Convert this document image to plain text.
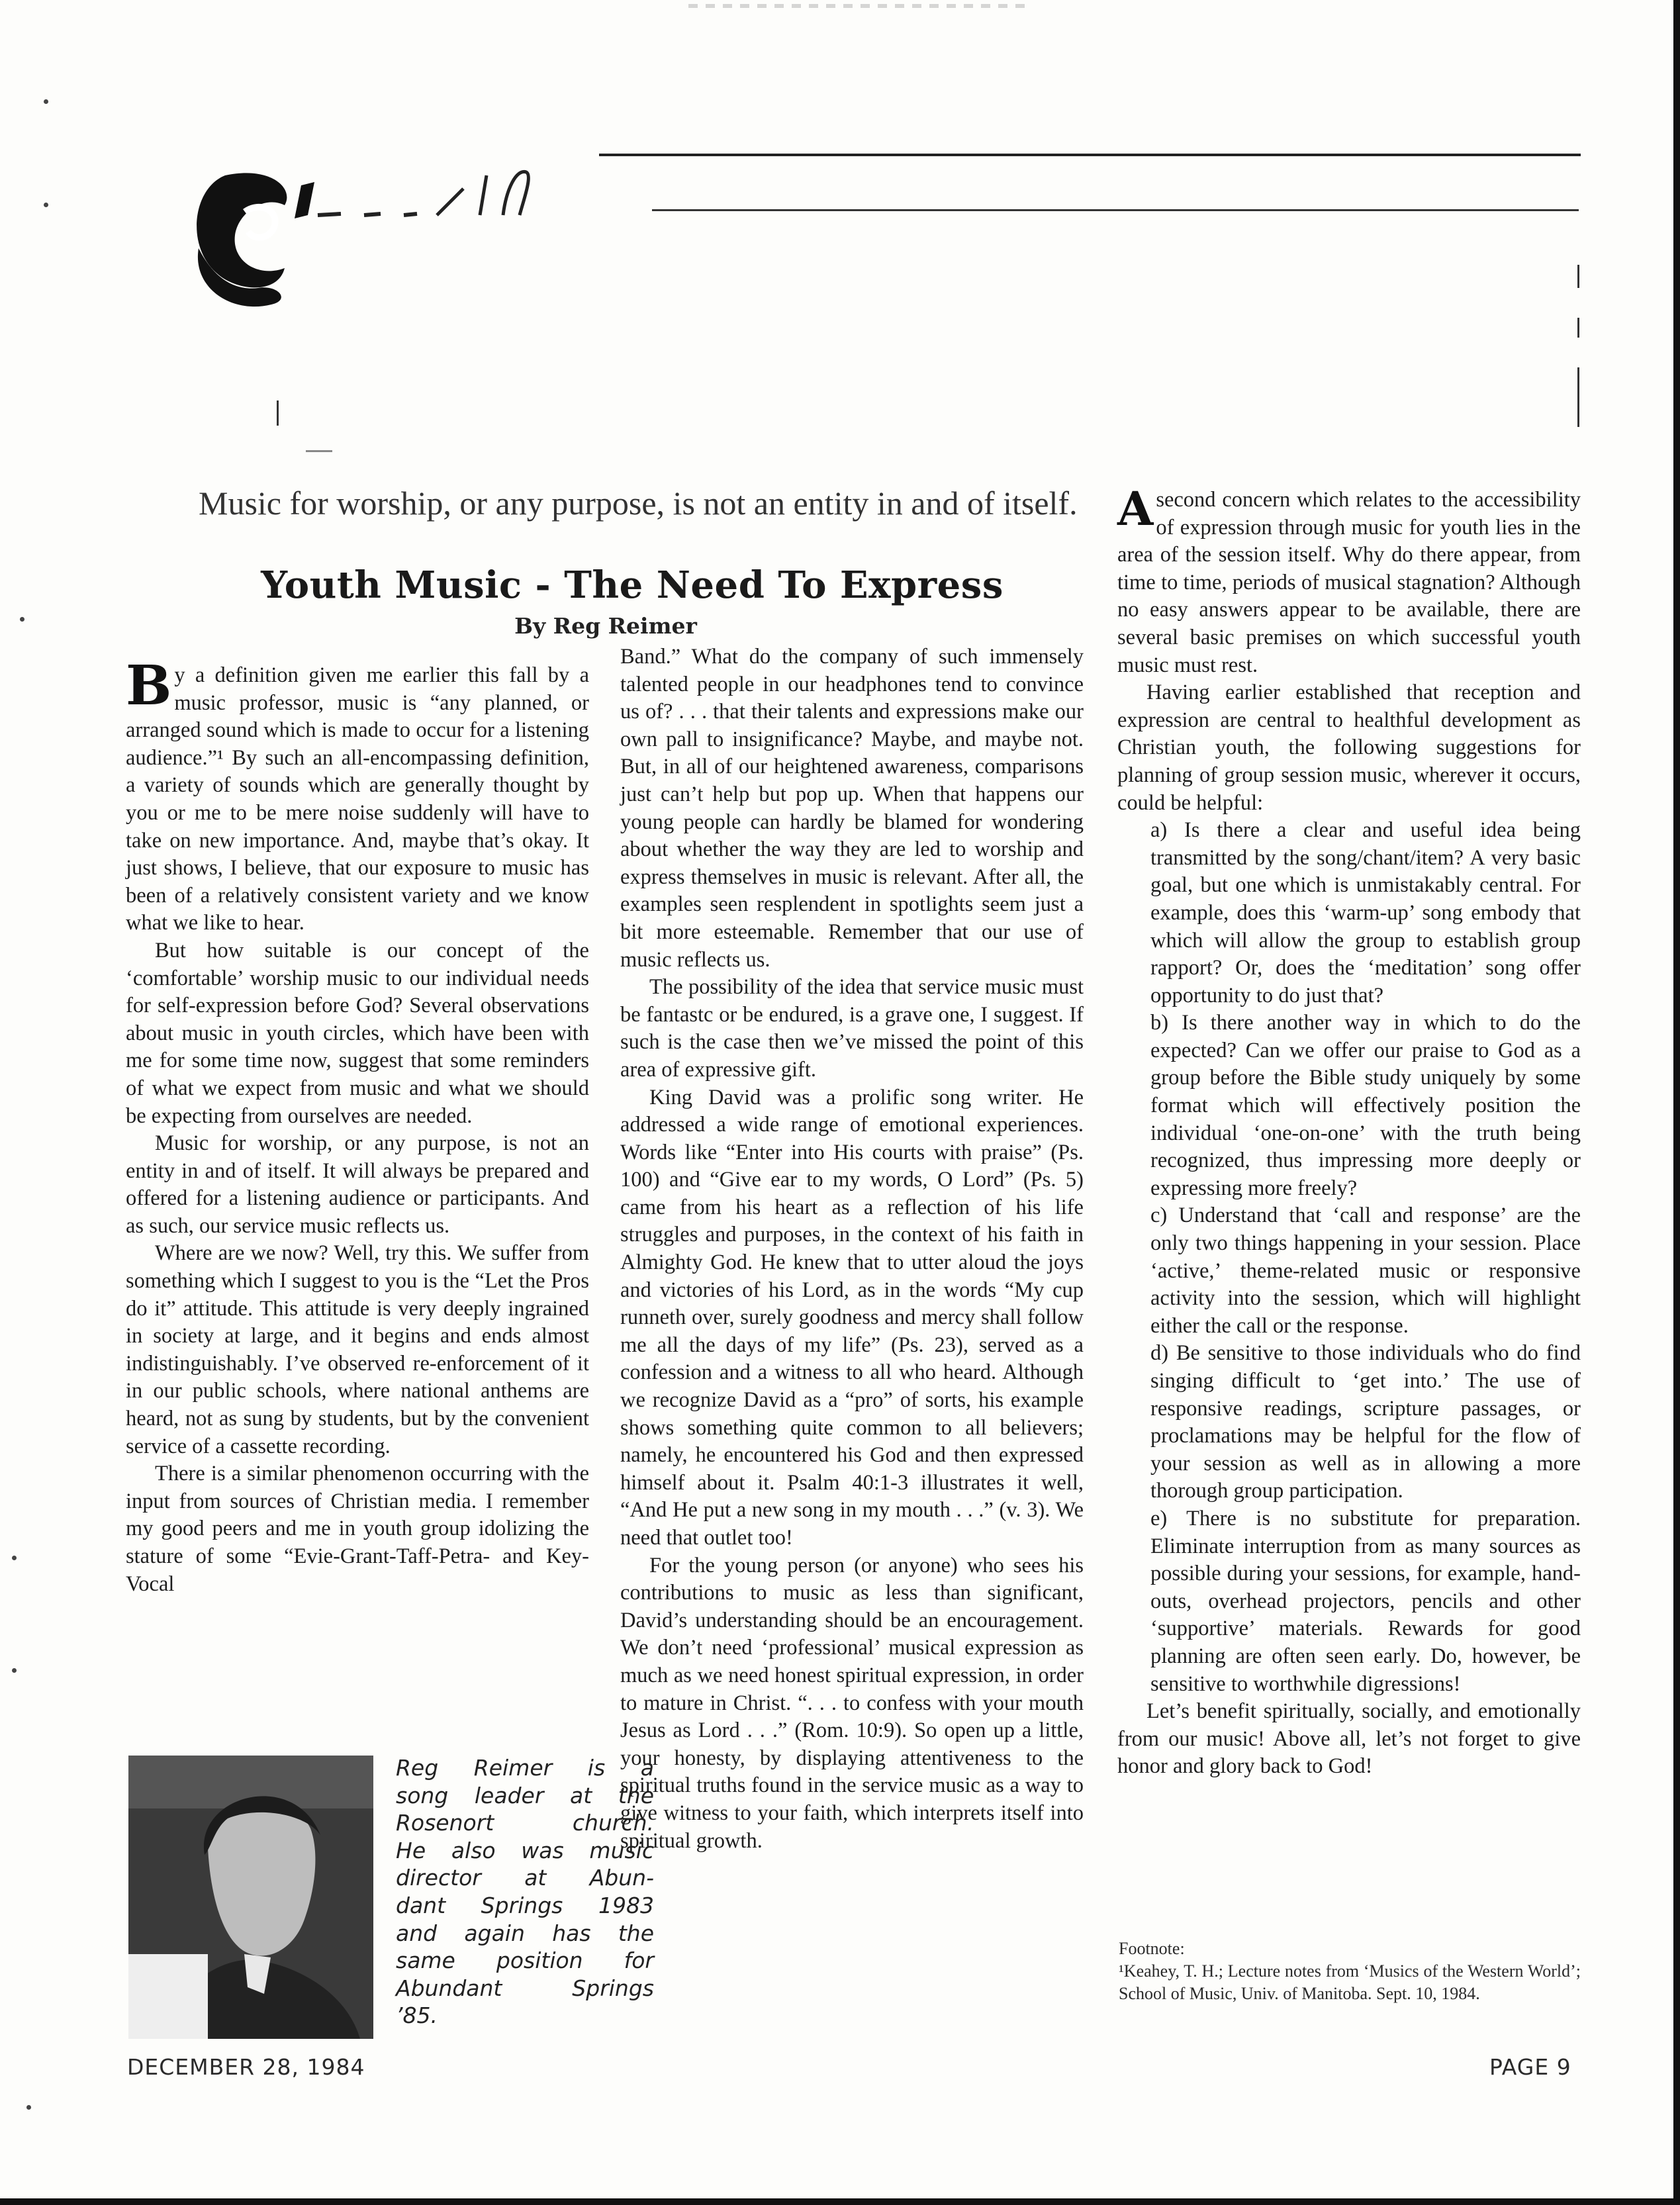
Music for worship, or any purpose, is not an entity in and of itself.
Youth Music - The Need To Express
By Reg Reimer

By a definition given me earlier this fall by a music professor, music is “any planned, or arranged sound which is made to occur for a listening audience.”¹ By such an all-encompassing definition, a variety of sounds which are generally thought by you or me to be mere noise suddenly will have to take on new importance. And, maybe that’s okay. It just shows, I believe, that our exposure to music has been of a relatively consistent variety and we know what we like to hear.

But how suitable is our concept of the ‘comfortable’ worship music to our individual needs for self-expression before God? Several observations about music in youth circles, which have been with me for some time now, suggest that some reminders of what we expect from music and what we should be expecting from ourselves are needed.

Music for worship, or any purpose, is not an entity in and of itself. It will always be prepared and offered for a listening audience or participants. And as such, our service music reflects us.

Where are we now? Well, try this. We suffer from something which I suggest to you is the “Let the Pros do it” attitude. This attitude is very deeply ingrained in society at large, and it begins and ends almost indistinguishably. I’ve observed re-enforcement of it in our public schools, where national anthems are heard, not as sung by students, but by the convenient service of a cassette recording.

There is a similar phenomenon occurring with the input from sources of Christian media. I remember my good peers and me in youth group idolizing the stature of some “Evie-Grant-Taff-Petra- and Key-Vocal

Reg Reimer is a
song leader at the
Rosenort church.
He also was music
director at Abun-
dant Springs 1983
and again has the
same position for
Abundant Springs
’85.

Band.” What do the company of such immensely talented people in our headphones tend to convince us of? . . . that their talents and expressions make our own pall to insignificance? Maybe, and maybe not. But, in all of our heightened awareness, comparisons just can’t help but pop up. When that happens our young people can hardly be blamed for wondering about whether the way they are led to worship and express themselves in music is relevant. After all, the examples seen resplendent in spotlights seem just a bit more esteemable. Remember that our use of music reflects us.

The possibility of the idea that service music must be fantastc or be endured, is a grave one, I suggest. If such is the case then we’ve missed the point of this area of expressive gift.

King David was a prolific song writer. He addressed a wide range of emotional experiences. Words like “Enter into His courts with praise” (Ps. 100) and “Give ear to my words, O Lord” (Ps. 5) came from his heart as a reflection of his life struggles and purposes, in the context of his faith in Almighty God. He knew that to utter aloud the joys and victories of his Lord, as in the words “My cup runneth over, surely goodness and mercy shall follow me all the days of my life” (Ps. 23), served as a confession and a witness to all who heard. Although we recognize David as a “pro” of sorts, his example shows something quite common to all believers; namely, he encountered his God and then expressed himself about it. Psalm 40:1-3 illustrates it well, “And He put a new song in my mouth . . .” (v. 3). We need that outlet too!

For the young person (or anyone) who sees his contributions to music as less than significant, David’s understanding should be an encouragement. We don’t need ‘professional’ musical expression as much as we need honest spiritual expression, in order to mature in Christ. “. . . to confess with your mouth Jesus as Lord . . .” (Rom. 10:9). So open up a little, your honesty, by displaying attentiveness to the spiritual truths found in the service music as a way to give witness to your faith, which interprets itself into spiritual growth.

A second concern which relates to the accessibility of expression through music for youth lies in the area of the session itself. Why do there appear, from time to time, periods of musical stagnation? Although no easy answers appear to be available, there are several basic premises on which successful youth music must rest.

Having earlier established that reception and expression are central to healthful development as Christian youth, the following suggestions for planning of group session music, wherever it occurs, could be helpful:

a) Is there a clear and useful idea being transmitted by the song/chant/item? A very basic goal, but one which is unmistakably central. For example, does this ‘warm-up’ song embody that which will allow the group to establish group rapport? Or, does the ‘meditation’ song offer opportunity to do just that?

b) Is there another way in which to do the expected? Can we offer our praise to God as a group before the Bible study uniquely by some format which will effectively position the individual ‘one-on-one’ with the truth being recognized, thus impressing more deeply or expressing more freely?

c) Understand that ‘call and response’ are the only two things happening in your session. Place ‘active,’ theme-related music or responsive activity into the session, which will highlight either the call or the response.

d) Be sensitive to those individuals who do find singing difficult to ‘get into.’ The use of responsive readings, scripture passages, or proclamations may be helpful for the flow of your session as well as in allowing a more thorough group participation.

e) There is no substitute for preparation. Eliminate interruption from as many sources as possible during your sessions, for example, hand-outs, overhead projectors, pencils and other ‘supportive’ materials. Rewards for good planning are often seen early. Do, however, be sensitive to worthwhile digressions!

Let’s benefit spiritually, socially, and emotionally from our music! Above all, let’s not forget to give honor and glory back to God!

Footnote:
¹Keahey, T. H.; Lecture notes from ‘Musics of the Western World’; School of Music, Univ. of Manitoba. Sept. 10, 1984.
DECEMBER 28, 1984	PAGE 9
